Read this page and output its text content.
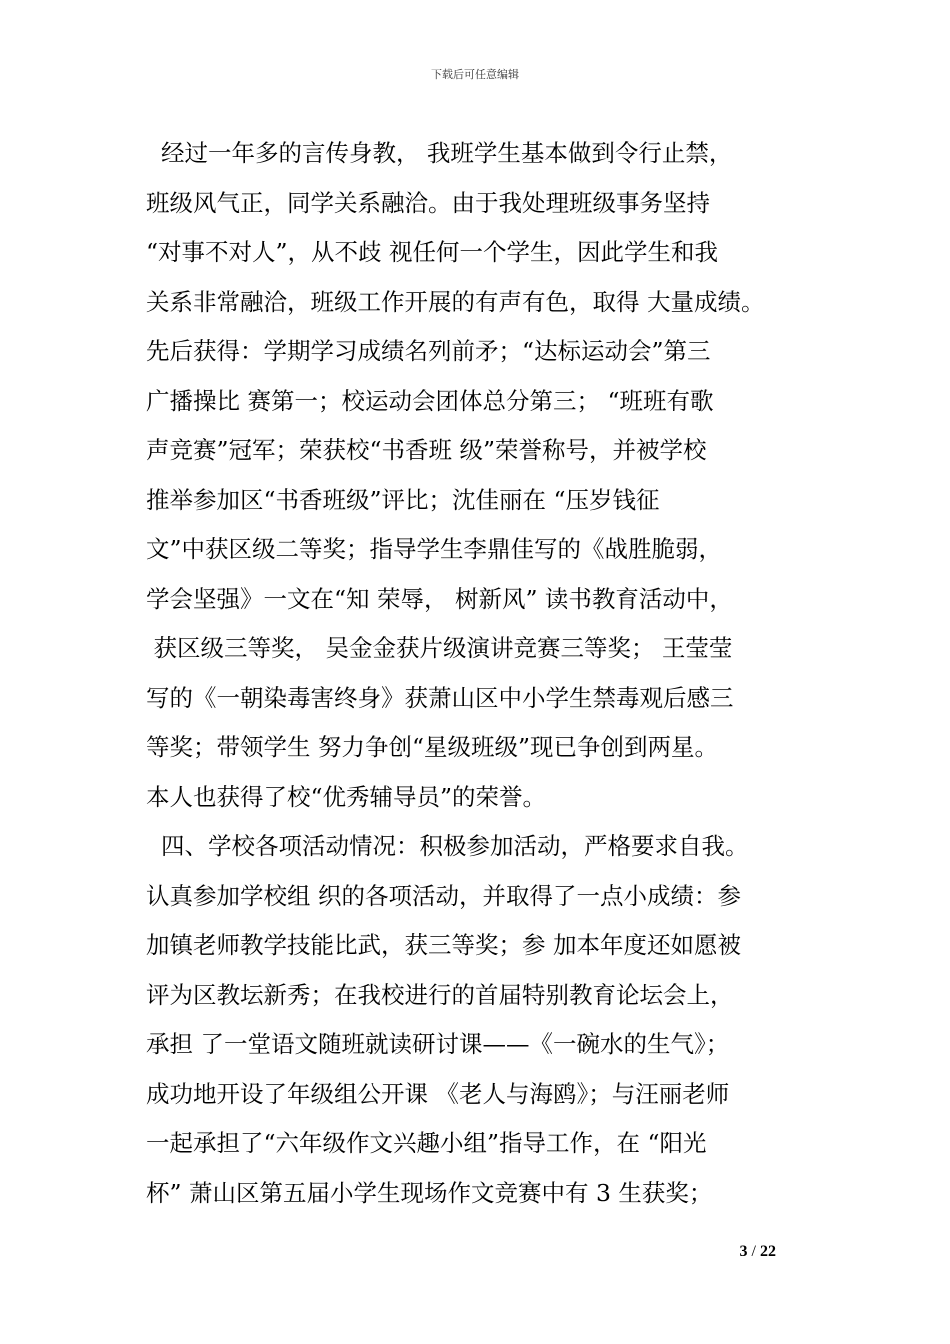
下载后可任意编辑
经过一年多的言传身教， 我班学生基本做到令行止禁，
班级风气正，同学关系融洽。由于我处理班级事务坚持
“对事不对人”，从不歧 视任何一个学生，因此学生和我
关系非常融洽，班级工作开展的有声有色，取得 大量成绩。
先后获得：学期学习成绩名列前矛；“达标运动会”第三
广播操比 赛第一；校运动会团体总分第三； “班班有歌
声竞赛”冠军；荣获校“书香班 级”荣誉称号，并被学校
推举参加区“书香班级”评比；沈佳丽在 “压岁钱征
文”中获区级二等奖；指导学生李鼎佳写的《战胜脆弱，
学会坚强》一文在“知 荣辱， 树新风” 读书教育活动中，
获区级三等奖， 吴金金获片级演讲竞赛三等奖； 王莹莹
写的《一朝染毒害终身》获萧山区中小学生禁毒观后感三
等奖；带领学生 努力争创“星级班级”现已争创到两星。
本人也获得了校“优秀辅导员”的荣誉。
四、学校各项活动情况：积极参加活动，严格要求自我。
认真参加学校组 织的各项活动，并取得了一点小成绩：参
加镇老师教学技能比武，获三等奖；参 加本年度还如愿被
评为区教坛新秀；在我校进行的首届特别教育论坛会上，
承担 了一堂语文随班就读研讨课——《一碗水的生气》；
成功地开设了年级组公开课 《老人与海鸥》；与汪丽老师
一起承担了“六年级作文兴趣小组”指导工作，在 “阳光
杯” 萧山区第五届小学生现场作文竞赛中有 3 生获奖；
3 / 22
